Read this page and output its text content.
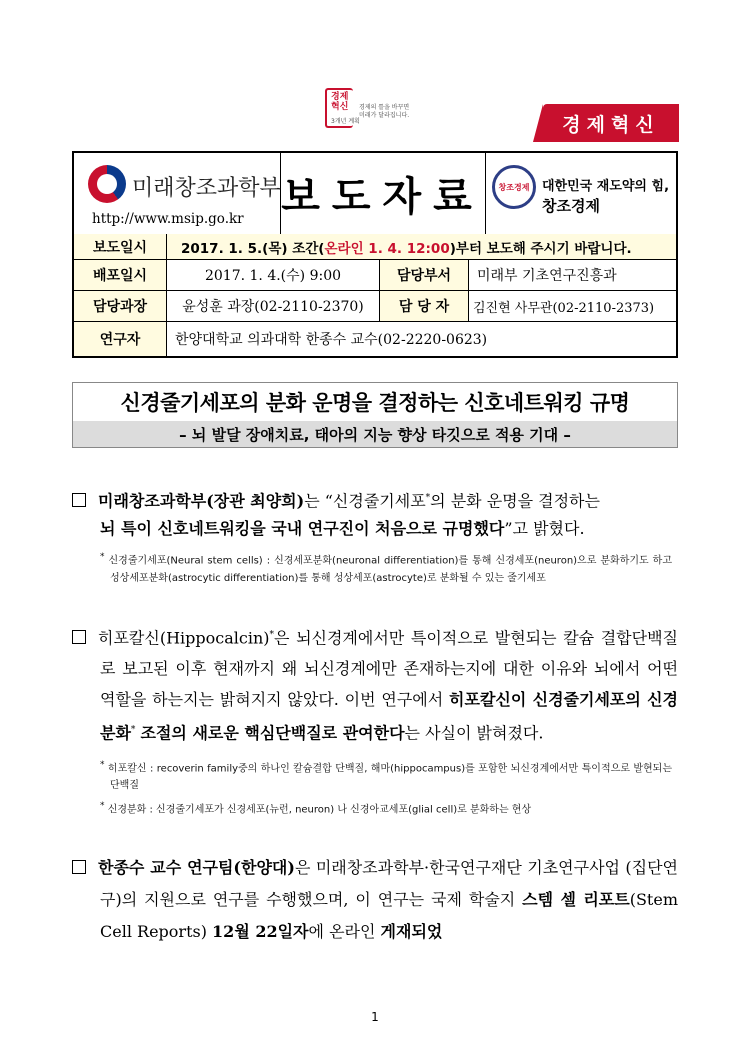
경제
혁신
3개년 계획
경제의 틀을 바꾸면
미래가 달라집니다.	경제혁신
미래창조과학부
http://www.msip.go.kr 보도자료	창조경제 대한민국 재도약의 힘,
창조경제
보도일시	2017. 1. 5.(목) 조간( 온라인 1. 4. 12:00 )부터 보도해 주시기 바랍니다.
배포일시	2017. 1. 4.(수) 9:00	담당부서	미래부 기초연구진흥과
담당과장	윤성훈 과장(02-2110-2370)	담 당 자	김진현 사무관(02-2110-2373)
연구자	한양대학교 의과대학 한종수 교수(02-2220-0623)
신경줄기세포의 분화 운명을 결정하는 신호네트워킹 규명
– 뇌 발달 장애치료, 태아의 지능 향상 타깃으로 적용 기대 –
미래창조과학부(장관 최양희)는 “신경줄기세포*의 분화 운명을 결정하는
뇌 특이 신호네트워킹을 국내 연구진이 처음으로 규명했다”고 밝혔다.
* 신경줄기세포(Neural stem cells) : 신경세포분화(neuronal differentiation)를 통해 신경세포(neuron)으로 분화하기도 하고 성상세포분화(astrocytic differentiation)를 통해 성상세포(astrocyte)로 분화될 수 있는 줄기세포
히포칼신(Hippocalcin)*은 뇌신경계에서만 특이적으로 발현되는 칼슘 결합단백질로 보고된 이후 현재까지 왜 뇌신경계에만 존재하는지에 대한 이유와 뇌에서 어떤 역할을 하는지는 밝혀지지 않았다. 이번 연구에서 히포칼신이 신경줄기세포의 신경분화* 조절의 새로운 핵심단백질로 관여한다는 사실이 밝혀졌다.
* 히포칼신 : recoverin family중의 하나인 칼슘결합 단백질, 해마(hippocampus)를 포함한 뇌신경계에서만 특이적으로 발현되는 단백질
* 신경분화 : 신경줄기세포가 신경세포(뉴런, neuron) 나 신경아교세포(glial cell)로 분화하는 현상
한종수 교수 연구팀(한양대)은 미래창조과학부·한국연구재단 기초연구사업 (집단연구)의 지원으로 연구를 수행했으며, 이 연구는 국제 학술지 스템 셀 리포트(Stem Cell Reports) 12월 22일자에 온라인 게재되었
1
